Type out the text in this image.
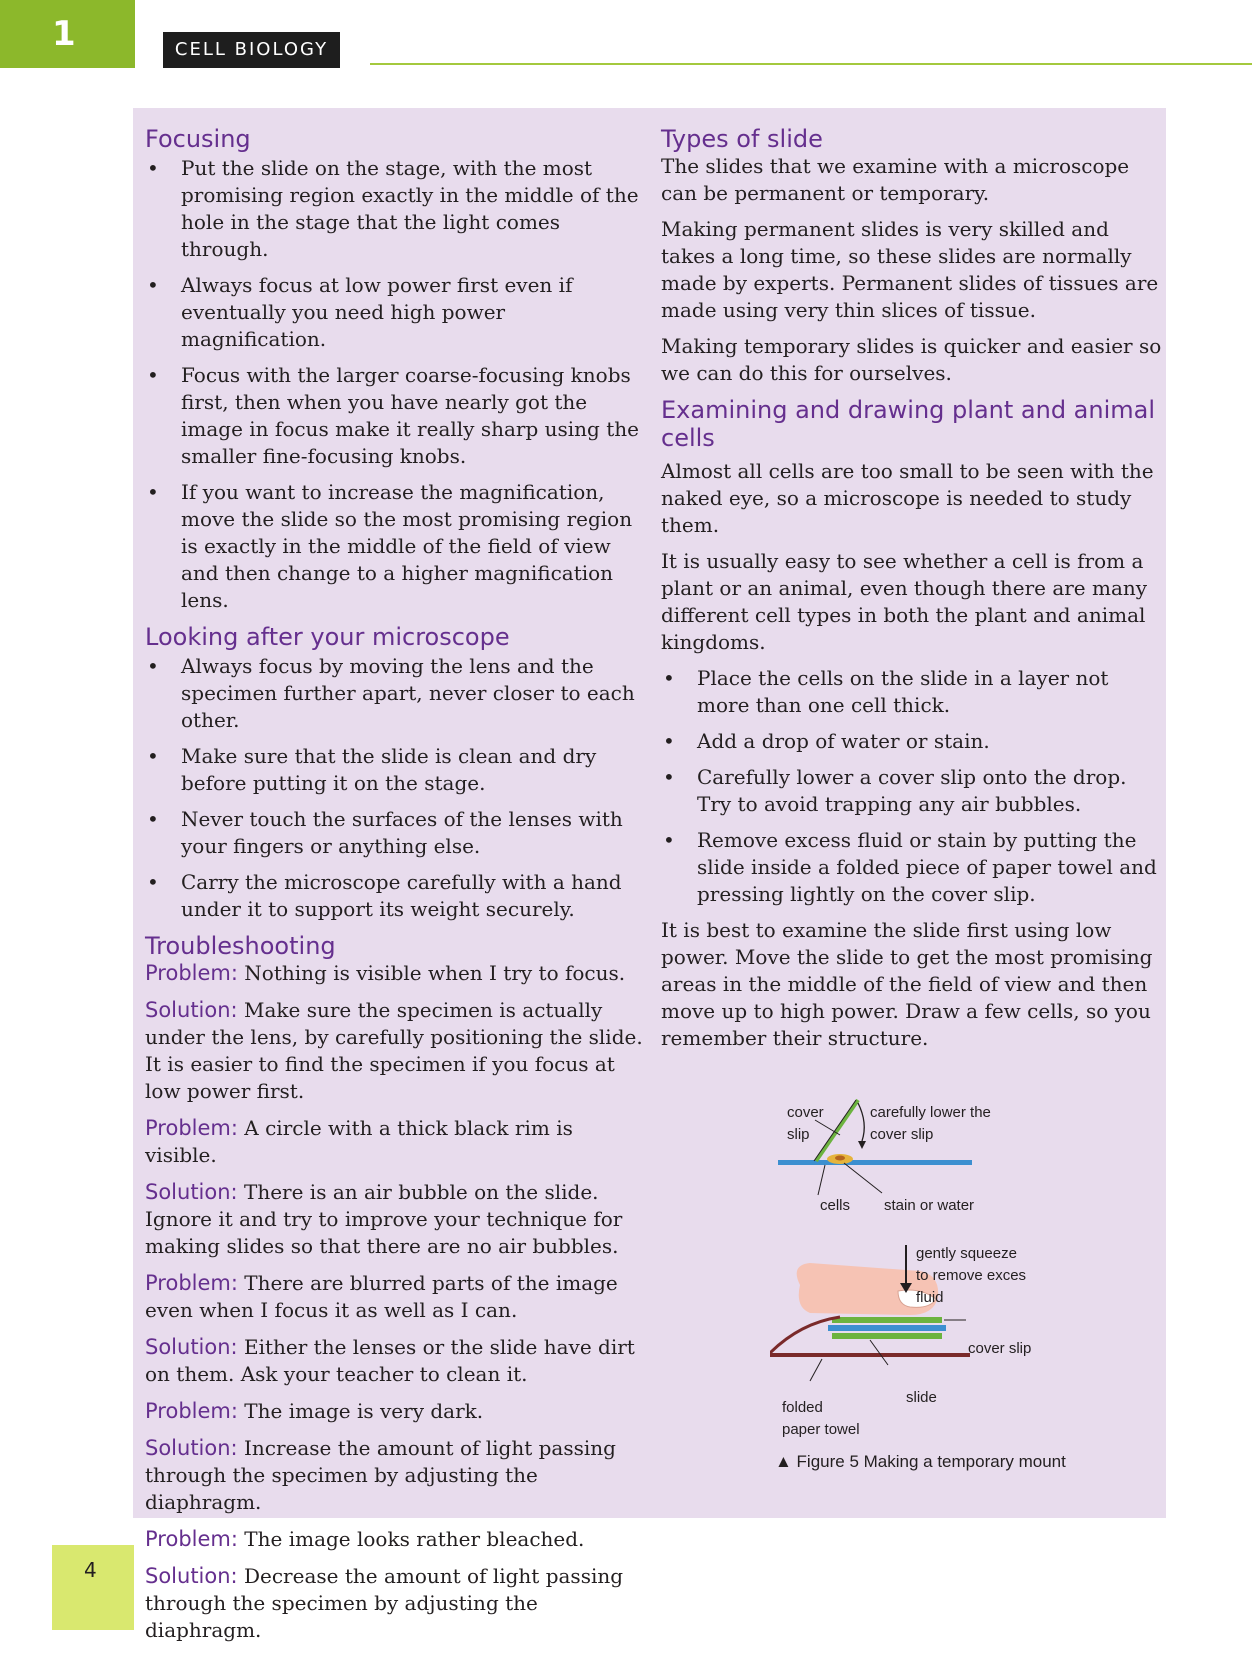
1	CELL BIOLOGY
Focusing
• Put the slide on the stage, with the most promising region exactly in the middle of the hole in the stage that the light comes through.
• Always focus at low power first even if eventually you need high power magnification.
• Focus with the larger coarse-focusing knobs first, then when you have nearly got the image in focus make it really sharp using the smaller fine-focusing knobs.
• If you want to increase the magnification, move the slide so the most promising region is exactly in the middle of the field of view and then change to a higher magnification lens.
Looking after your microscope
• Always focus by moving the lens and the specimen further apart, never closer to each other.
• Make sure that the slide is clean and dry before putting it on the stage.
• Never touch the surfaces of the lenses with your fingers or anything else.
• Carry the microscope carefully with a hand under it to support its weight securely.
Troubleshooting

Problem: Nothing is visible when I try to focus.

Solution: Make sure the specimen is actually under the lens, by carefully positioning the slide. It is easier to find the specimen if you focus at low power first.

Problem: A circle with a thick black rim is visible.

Solution: There is an air bubble on the slide. Ignore it and try to improve your technique for making slides so that there are no air bubbles.

Problem: There are blurred parts of the image even when I focus it as well as I can.

Solution: Either the lenses or the slide have dirt on them. Ask your teacher to clean it.

Problem: The image is very dark.

Solution: Increase the amount of light passing through the specimen by adjusting the diaphragm.

Problem: The image looks rather bleached.

Solution: Decrease the amount of light passing through the specimen by adjusting the diaphragm.

Types of slide

The slides that we examine with a microscope can be permanent or temporary.

Making permanent slides is very skilled and takes a long time, so these slides are normally made by experts. Permanent slides of tissues are made using very thin slices of tissue.

Making temporary slides is quicker and easier so we can do this for ourselves.

Examining and drawing plant and animal cells

Almost all cells are too small to be seen with the naked eye, so a microscope is needed to study them.

It is usually easy to see whether a cell is from a plant or an animal, even though there are many different cell types in both the plant and animal kingdoms.

• Place the cells on the slide in a layer not more than one cell thick.
• Add a drop of water or stain.
• Carefully lower a cover slip onto the drop. Try to avoid trapping any air bubbles.
• Remove excess fluid or stain by putting the slide inside a folded piece of paper towel and pressing lightly on the cover slip.

It is best to examine the slide first using low power. Move the slide to get the most promising areas in the middle of the field of view and then move up to high power. Draw a few cells, so you remember their structure.

cover
slip
carefully lower the
cover slip
cells stain or water
gently squeeze
to remove exces
fluid
cover slip
slide
folded
paper towel
▲ Figure 5 Making a temporary mount
4
